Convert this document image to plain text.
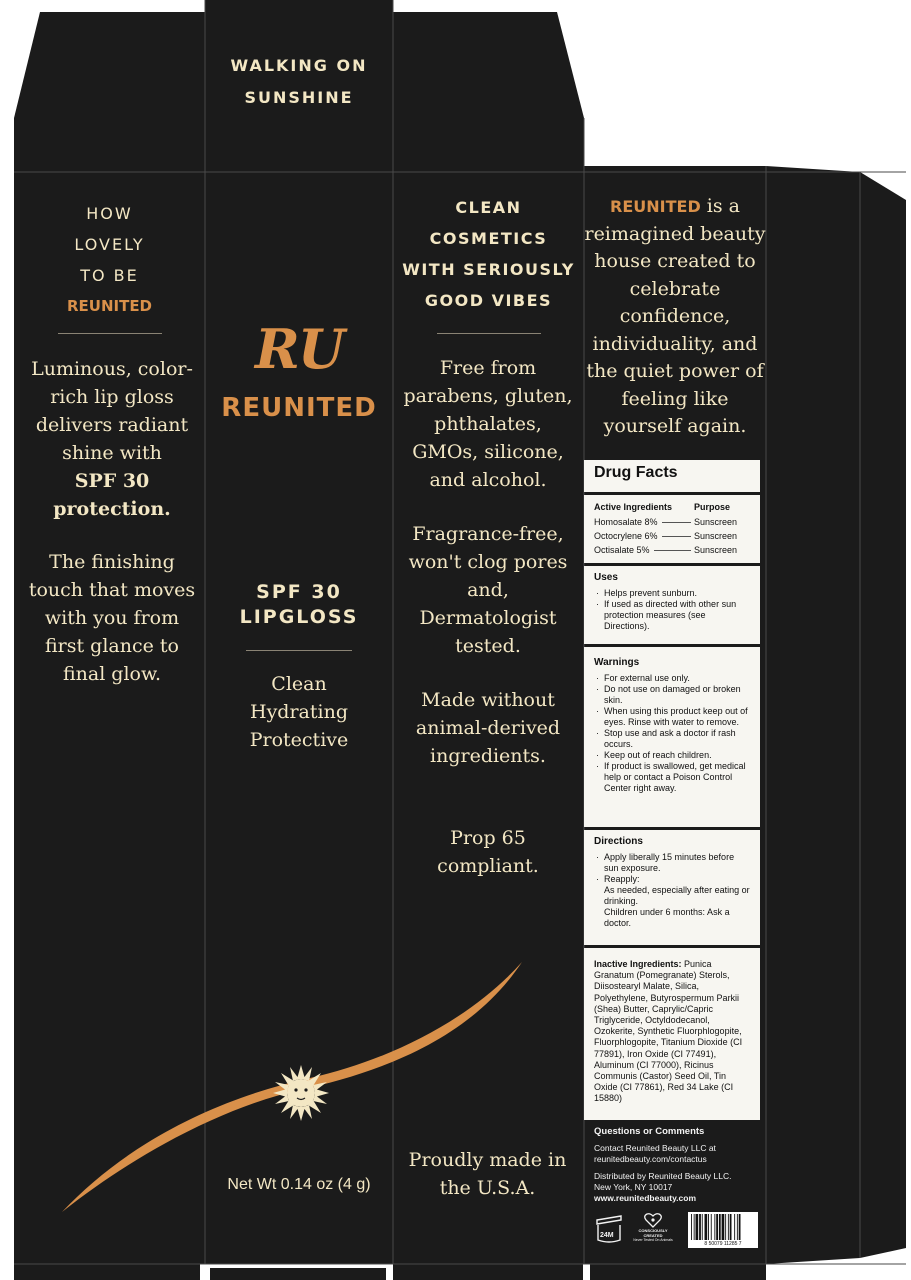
WALKING ON
SUNSHINE
HOW
LOVELY
TO BE
REUNITED
Luminous, color-rich lip gloss delivers radiant shine with
SPF 30 protection.
The finishing touch that moves with you from first glance to final glow.
RU
REUNITED
SPF 30
LIPGLOSS
Clean
Hydrating
Protective
Net Wt 0.14 oz (4 g)
CLEAN
COSMETICS
WITH SERIOUSLY
GOOD VIBES
Free from parabens, gluten, phthalates, GMOs, silicone, and alcohol.
Fragrance-free, won't clog pores and, Dermatologist tested.
Made without animal-derived ingredients.
Prop 65 compliant.
Proudly made in the U.S.A.
REUNITED is a reimagined beauty house created to celebrate confidence, individuality, and the quiet power of feeling like yourself again.
Drug Facts
Active Ingredients Purpose
Homosalate 8%	Sunscreen
Octocrylene 6%	Sunscreen
Octisalate 5%	Sunscreen
Uses
· Helps prevent sunburn.
· If used as directed with other sun protection measures (see Directions).
Warnings
· For external use only.
· Do not use on damaged or broken skin.
· When using this product keep out of eyes. Rinse with water to remove.
· Stop use and ask a doctor if rash occurs.
· Keep out of reach children.
· If product is swallowed, get medical help or contact a Poison Control Center right away.
Directions
· Apply liberally 15 minutes before sun exposure.
· Reapply:
As needed, especially after eating or drinking.
Children under 6 months: Ask a doctor.
Inactive Ingredients: Punica Granatum (Pomegranate) Sterols, Diisostearyl Malate, Silica, Polyethylene, Butyrospermum Parkii (Shea) Butter, Caprylic/Capric Triglyceride, Octyldodecanol, Ozokerite, Synthetic Fluorphlogopite, Fluorphlogopite, Titanium Dioxide (CI 77891), Iron Oxide (CI 77491), Aluminum (CI 77000), Ricinus Communis (Castor) Seed Oil, Tin Oxide (CI 77861), Red 34 Lake (CI 15880)
Questions or Comments
Contact Reunited Beauty LLC at
reunitedbeauty.com/contactus
Distributed by Reunited Beauty LLC.
New York, NY 10017
www.reunitedbeauty.com
24M
CONSCIOUSLY
CREATED
Never Tested On Animals
8 50079 11285 7
